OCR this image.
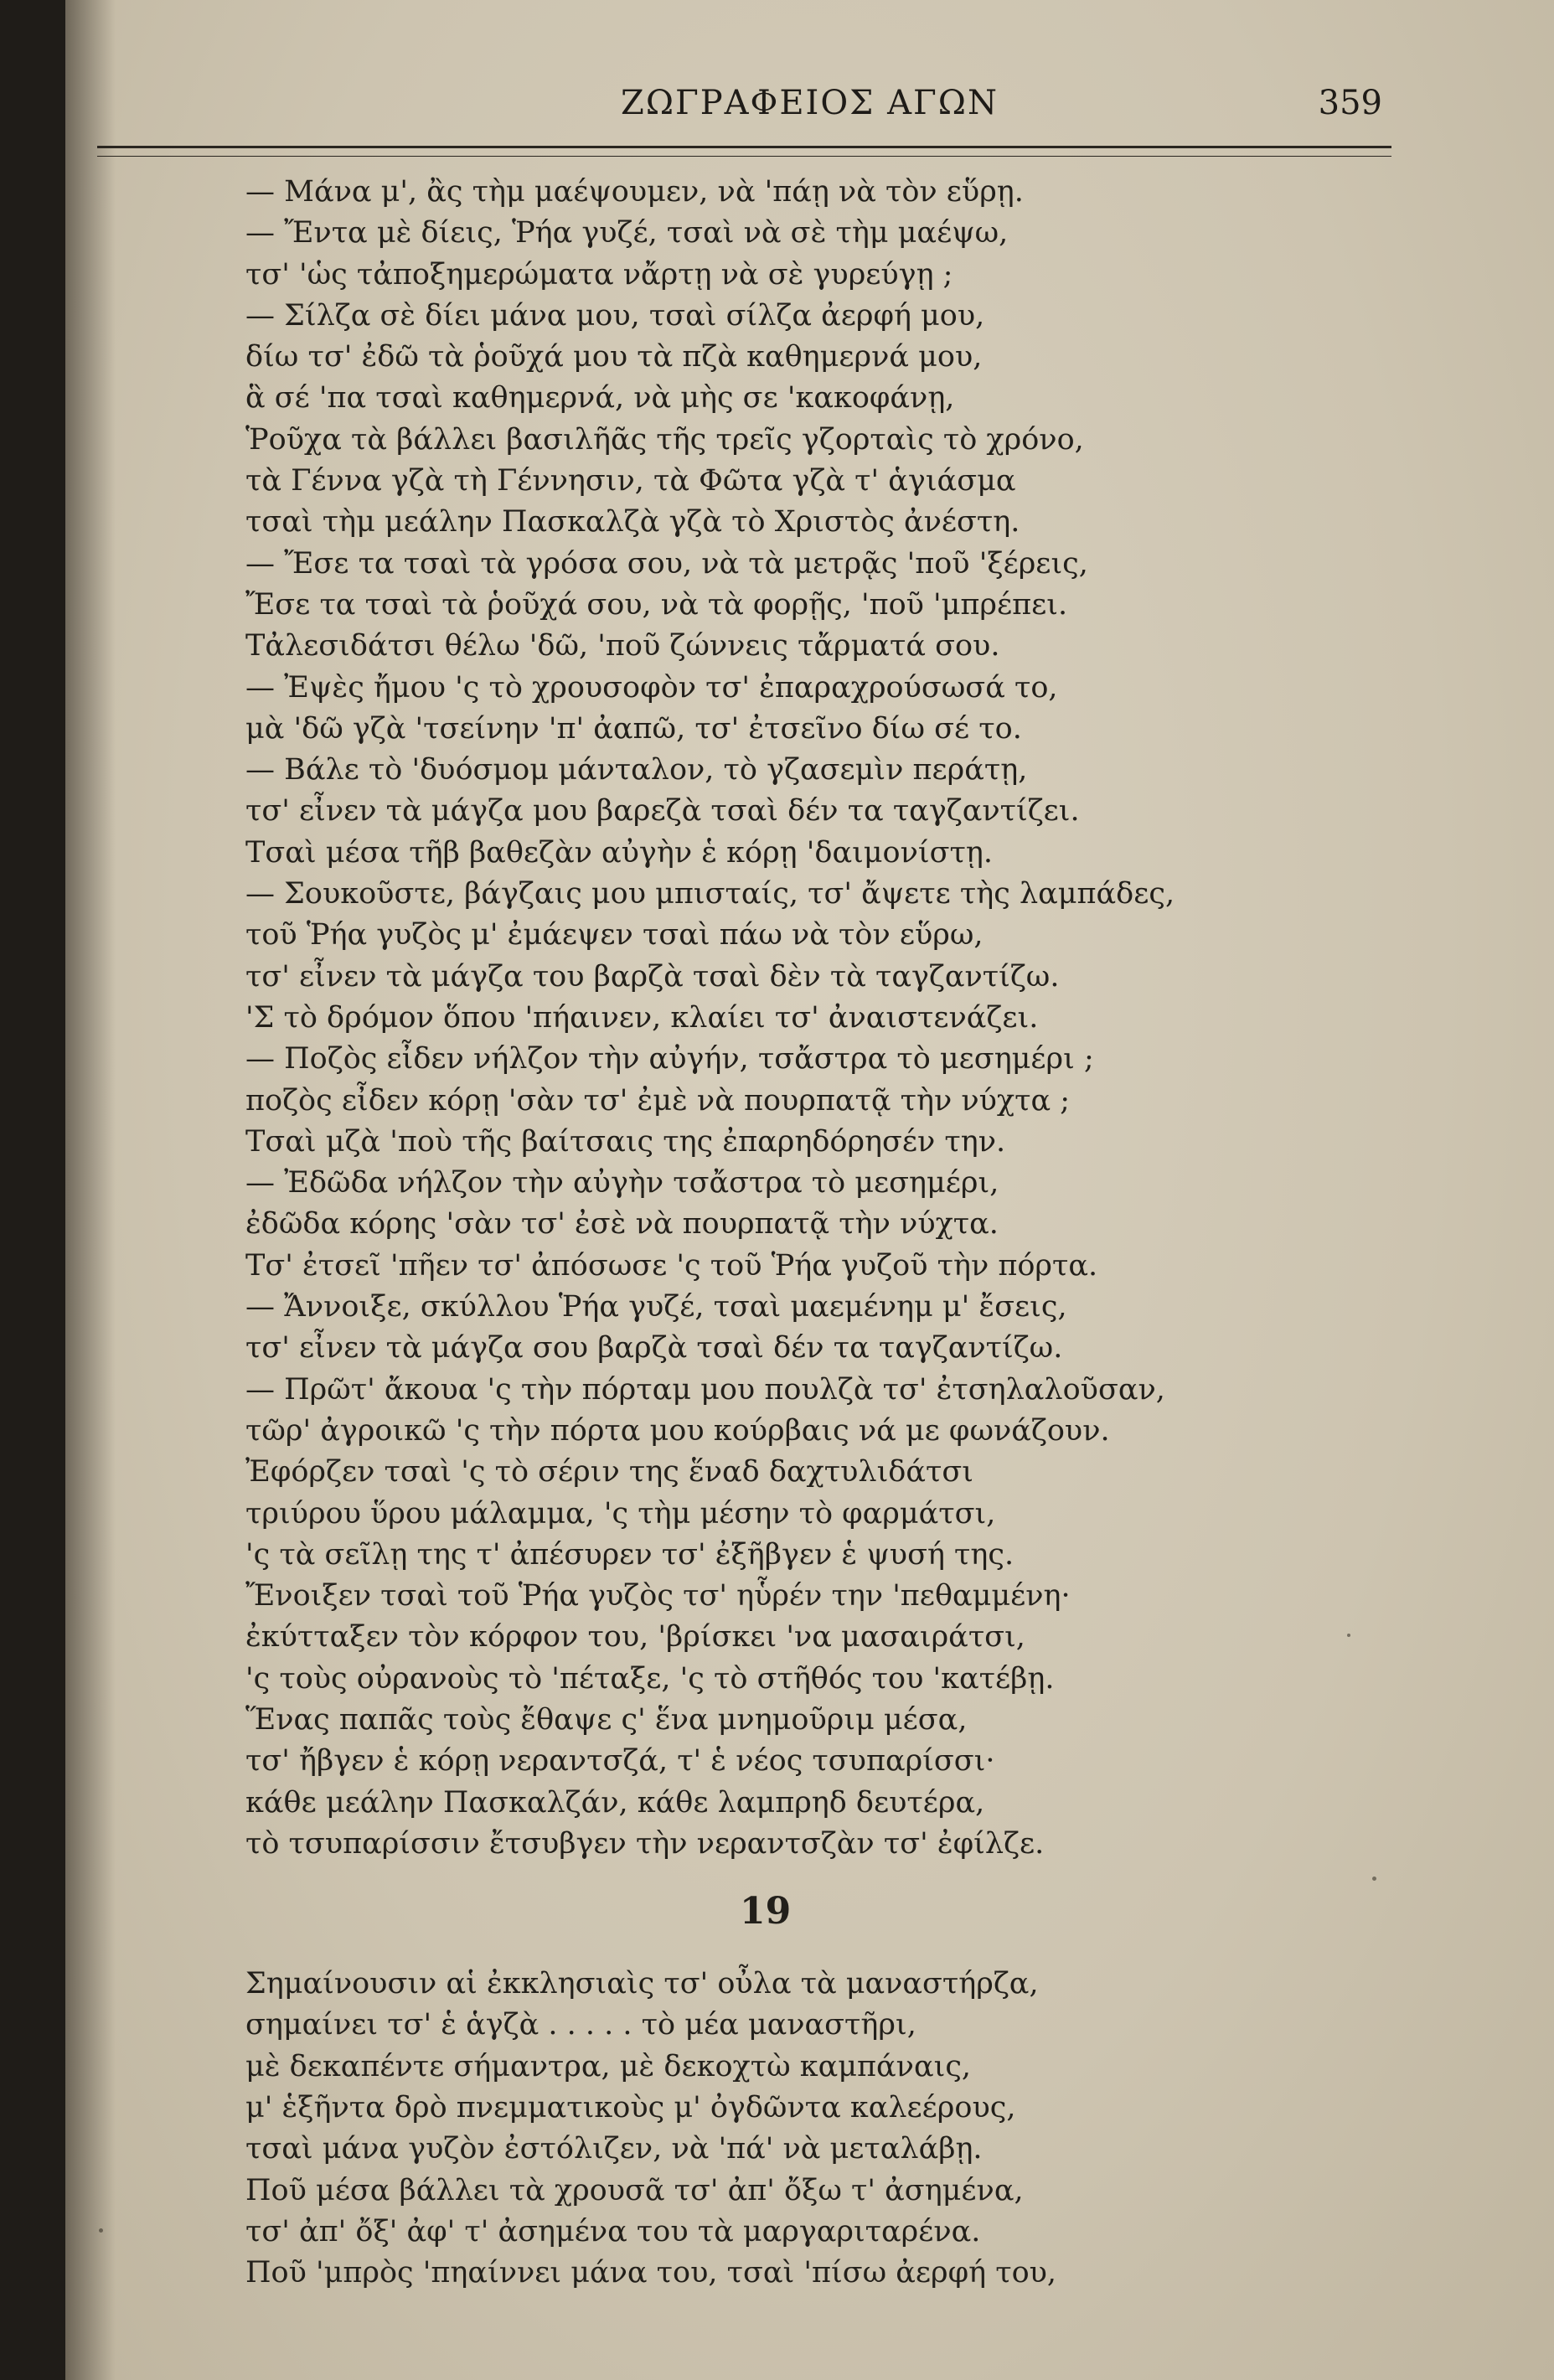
ΖΩΓΡΑΦΕΙΟΣ ΑΓΩΝ	359

— Μάνα μ', ἂς τὴμ μαέψουμεν, νὰ 'πάῃ νὰ τὸν εὕρῃ.

— Ἔντα μὲ δίεις, Ῥήα γυζέ, τσαὶ νὰ σὲ τὴμ μαέψω,

τσ' 'ὡς τἀποξημερώματα νἄρτῃ νὰ σὲ γυρεύγῃ ;

— Σίλζα σὲ δίει μάνα μου, τσαὶ σίλζα ἀερφή μου,

δίω τσ' ἐδῶ τὰ ῥοῦχά μου τὰ πζὰ καθημερνά μου,

ἃ σέ 'πα τσαὶ καθημερνά, νὰ μὴς σε 'κακοφάνῃ,

Ῥοῦχα τὰ βάλλει βασιλῆᾶς τῆς τρεῖς γζορταὶς τὸ χρόνο,

τὰ Γέννα γζὰ τὴ Γέννησιν, τὰ Φῶτα γζὰ τ' ἁγιάσμα

τσαὶ τὴμ μεάλην Πασκαλζὰ γζὰ τὸ Χριστὸς ἀνέστη.

— Ἔσε τα τσαὶ τὰ γρόσα σου, νὰ τὰ μετρᾷς 'ποῦ 'ξέρεις,

Ἔσε τα τσαὶ τὰ ῥοῦχά σου, νὰ τὰ φορῇς, 'ποῦ 'μπρέπει.

Τἀλεσιδάτσι θέλω 'δῶ, 'ποῦ ζώννεις τἄρματά σου.

— Ἐψὲς ἤμου 'ς τὸ χρουσοφὸν τσ' ἐπαραχρούσωσά το,

μὰ 'δῶ γζὰ 'τσείνην 'π' ἀαπῶ, τσ' ἐτσεῖνο δίω σέ το.

— Βάλε τὸ 'δυόσμομ μάνταλον, τὸ γζασεμὶν περάτῃ,

τσ' εἶνεν τὰ μάγζα μου βαρεζὰ τσαὶ δέν τα ταγζαντίζει.

Τσαὶ μέσα τῆβ βαθεζὰν αὐγὴν ἑ κόρῃ 'δαιμονίστῃ.

— Σουκοῦστε, βάγζαις μου μπισταίς, τσ' ἄψετε τὴς λαμπάδες,

τοῦ Ῥήα γυζὸς μ' ἐμάεψεν τσαὶ πάω νὰ τὸν εὕρω,

τσ' εἶνεν τὰ μάγζα του βαρζὰ τσαὶ δὲν τὰ ταγζαντίζω.

'Σ τὸ δρόμον ὅπου 'πήαινεν, κλαίει τσ' ἀναιστενάζει.

— Ποζὸς εἶδεν νήλζον τὴν αὐγήν, τσἄστρα τὸ μεσημέρι ;

ποζὸς εἶδεν κόρῃ 'σὰν τσ' ἐμὲ νὰ πουρπατᾷ τὴν νύχτα ;

Τσαὶ μζὰ 'ποὺ τῆς βαίτσαις της ἐπαρηδόρησέν την.

— Ἐδῶδα νήλζον τὴν αὐγὴν τσἄστρα τὸ μεσημέρι,

ἐδῶδα κόρης 'σὰν τσ' ἐσὲ νὰ πουρπατᾷ τὴν νύχτα.

Τσ' ἐτσεῖ 'πῆεν τσ' ἀπόσωσε 'ς τοῦ Ῥήα γυζοῦ τὴν πόρτα.

— Ἄννοιξε, σκύλλου Ῥήα γυζέ, τσαὶ μαεμένημ μ' ἔσεις,

τσ' εἶνεν τὰ μάγζα σου βαρζὰ τσαὶ δέν τα ταγζαντίζω.

— Πρῶτ' ἄκουα 'ς τὴν πόρταμ μου πουλζὰ τσ' ἐτσηλαλοῦσαν,

τῶρ' ἀγροικῶ 'ς τὴν πόρτα μου κούρβαις νά με φωνάζουν.

Ἐφόρζεν τσαὶ 'ς τὸ σέριν της ἕναδ δαχτυλιδάτσι

τριύρου ὕρου μάλαμμα, 'ς τὴμ μέσην τὸ φαρμάτσι,

'ς τὰ σεῖλῃ της τ' ἀπέσυρεν τσ' ἐξῆβγεν ἑ ψυσή της.

Ἔνοιξεν τσαὶ τοῦ Ῥήα γυζὸς τσ' ηὗρέν την 'πεθαμμένη·

ἐκύτταξεν τὸν κόρφον του, 'βρίσκει 'να μασαιράτσι,

'ς τοὺς οὐρανοὺς τὸ 'πέταξε, 'ς τὸ στῆθός του 'κατέβῃ.

Ἕνας παπᾶς τοὺς ἔθαψε ς' ἕνα μνημοῦριμ μέσα,

τσ' ἤβγεν ἑ κόρῃ νεραντσζά, τ' ἑ νέος τσυπαρίσσι·

κάθε μεάλην Πασκαλζάν, κάθε λαμπρηδ δευτέρα,

τὸ τσυπαρίσσιν ἔτσυβγεν τὴν νεραντσζὰν τσ' ἐφίλζε.

19

Σημαίνουσιν αἱ ἐκκλησιαὶς τσ' οὖλα τὰ μαναστήρζα,

σημαίνει τσ' ἑ ἁγζὰ . . . . . τὸ μέα μαναστῆρι,

μὲ δεκαπέντε σήμαντρα, μὲ δεκοχτὼ καμπάναις,

μ' ἑξῆντα δρὸ πνεμματικοὺς μ' ὀγδῶντα καλεέρους,

τσαὶ μάνα γυζὸν ἐστόλιζεν, νὰ 'πά' νὰ μεταλάβῃ.

Ποῦ μέσα βάλλει τὰ χρουσᾶ τσ' ἀπ' ὄξω τ' ἀσημένα,

τσ' ἀπ' ὄξ' ἀφ' τ' ἀσημένα του τὰ μαργαριταρένα.

Ποῦ 'μπρὸς 'πηαίννει μάνα του, τσαὶ 'πίσω ἀερφή του,
